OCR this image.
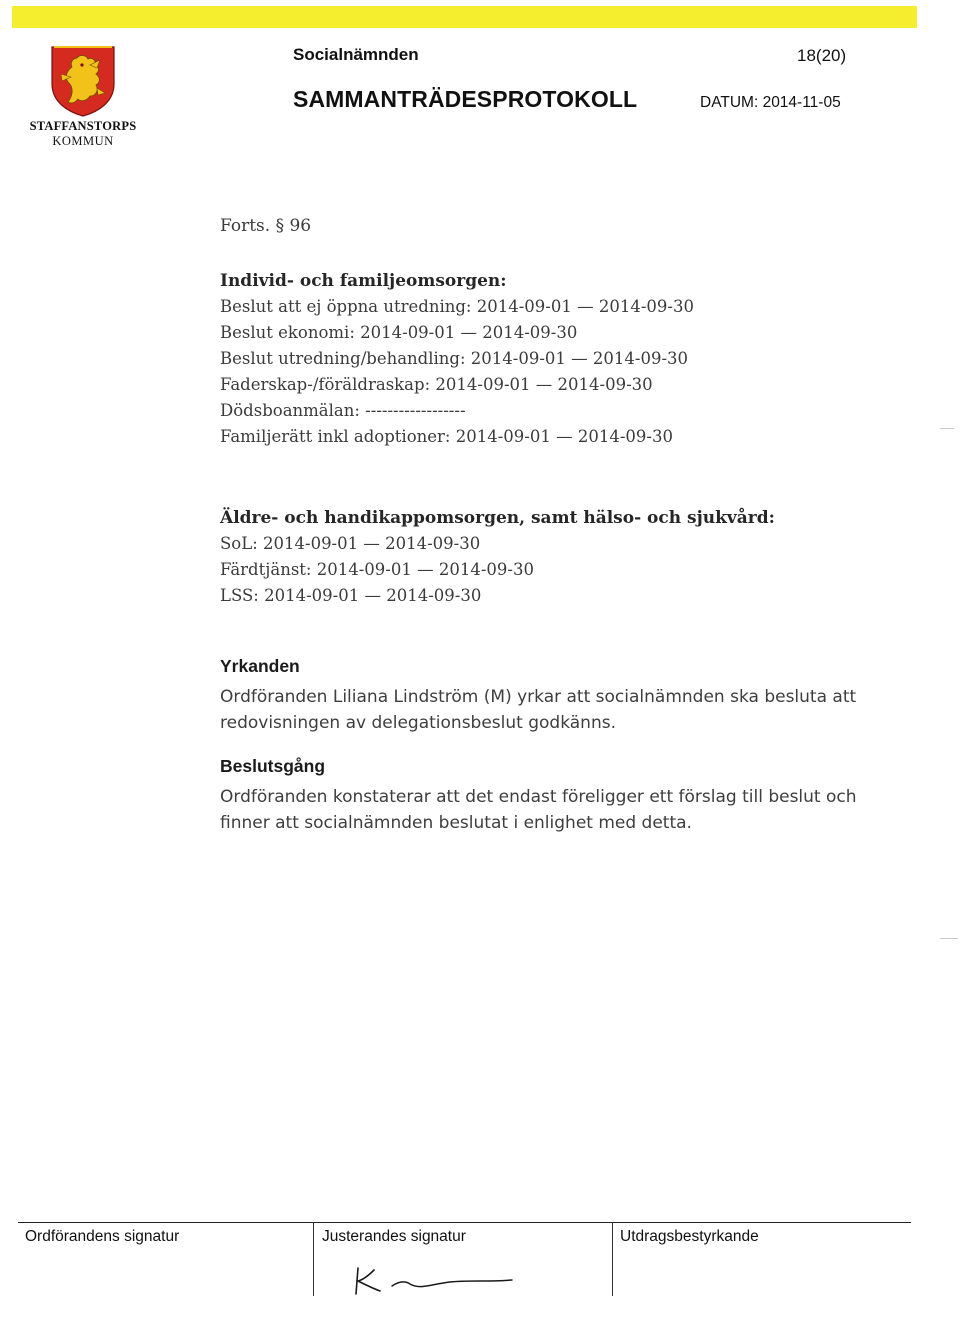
STAFFANSTORPS
KOMMUN
Socialnämnden	18(20)
SAMMANTRÄDESPROTOKOLL	DATUM: 2014-11-05
Forts. § 96
Individ- och familjeomsorgen:
Beslut att ej öppna utredning: 2014-09-01 — 2014-09-30
Beslut ekonomi: 2014-09-01 — 2014-09-30
Beslut utredning/behandling: 2014-09-01 — 2014-09-30
Faderskap-/föräldraskap: 2014-09-01 — 2014-09-30
Dödsboanmälan: ------------------
Familjerätt inkl adoptioner: 2014-09-01 — 2014-09-30
Äldre- och handikappomsorgen, samt hälso- och sjukvård:
SoL: 2014-09-01 — 2014-09-30
Färdtjänst: 2014-09-01 — 2014-09-30
LSS: 2014-09-01 — 2014-09-30
Yrkanden
Ordföranden Liliana Lindström (M) yrkar att socialnämnden ska besluta att redovisningen av delegationsbeslut godkänns.
Beslutsgång
Ordföranden konstaterar att det endast föreligger ett förslag till beslut och finner att socialnämnden beslutat i enlighet med detta.
Ordförandens signatur	Justerandes signatur	Utdragsbestyrkande
